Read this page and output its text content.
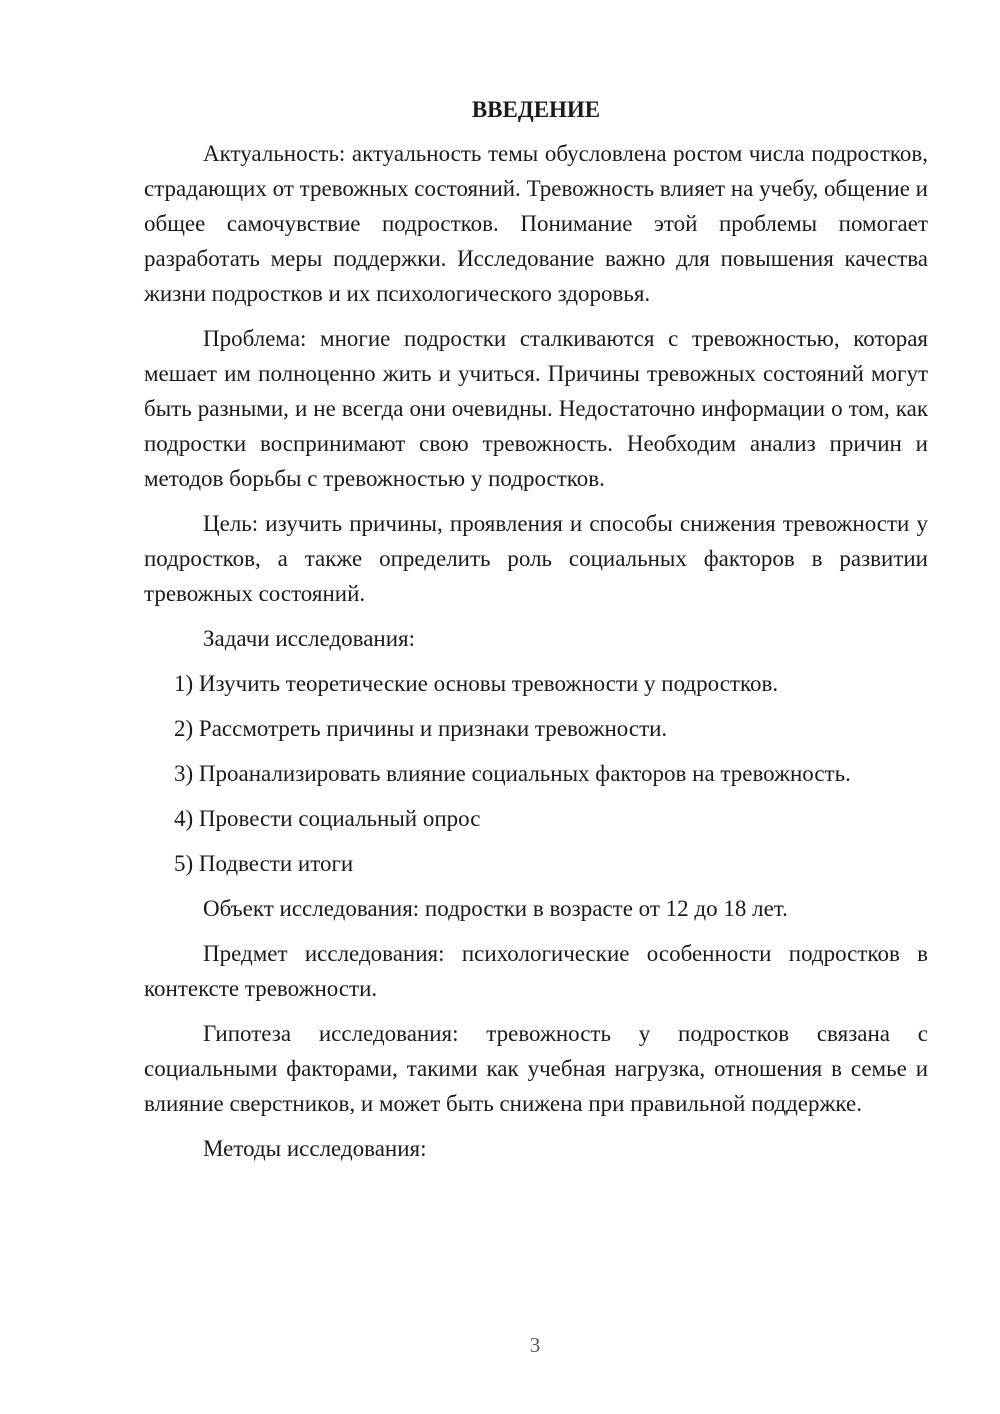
ВВЕДЕНИЕ

Актуальность: актуальность темы обусловлена ростом числа подростков, страдающих от тревожных состояний. Тревожность влияет на учебу, общение и общее самочувствие подростков. Понимание этой проблемы помогает разработать меры поддержки. Исследование важно для повышения качества жизни подростков и их психологического здоровья.

Проблема: многие подростки сталкиваются с тревожностью, которая мешает им полноценно жить и учиться. Причины тревожных состояний могут быть разными, и не всегда они очевидны. Недостаточно информации о том, как подростки воспринимают свою тревожность. Необходим анализ причин и методов борьбы с тревожностью у подростков.

Цель: изучить причины, проявления и способы снижения тревожности у подростков, а также определить роль социальных факторов в развитии тревожных состояний.

Задачи исследования:

1) Изучить теоретические основы тревожности у подростков.

2) Рассмотреть причины и признаки тревожности.

3) Проанализировать влияние социальных факторов на тревожность.

4) Провести социальный опрос

5) Подвести итоги

Объект исследования: подростки в возрасте от 12 до 18 лет.

Предмет исследования: психологические особенности подростков в контексте тревожности.

Гипотеза исследования: тревожность у подростков связана с социальными факторами, такими как учебная нагрузка, отношения в семье и влияние сверстников, и может быть снижена при правильной поддержке.

Методы исследования:

3
